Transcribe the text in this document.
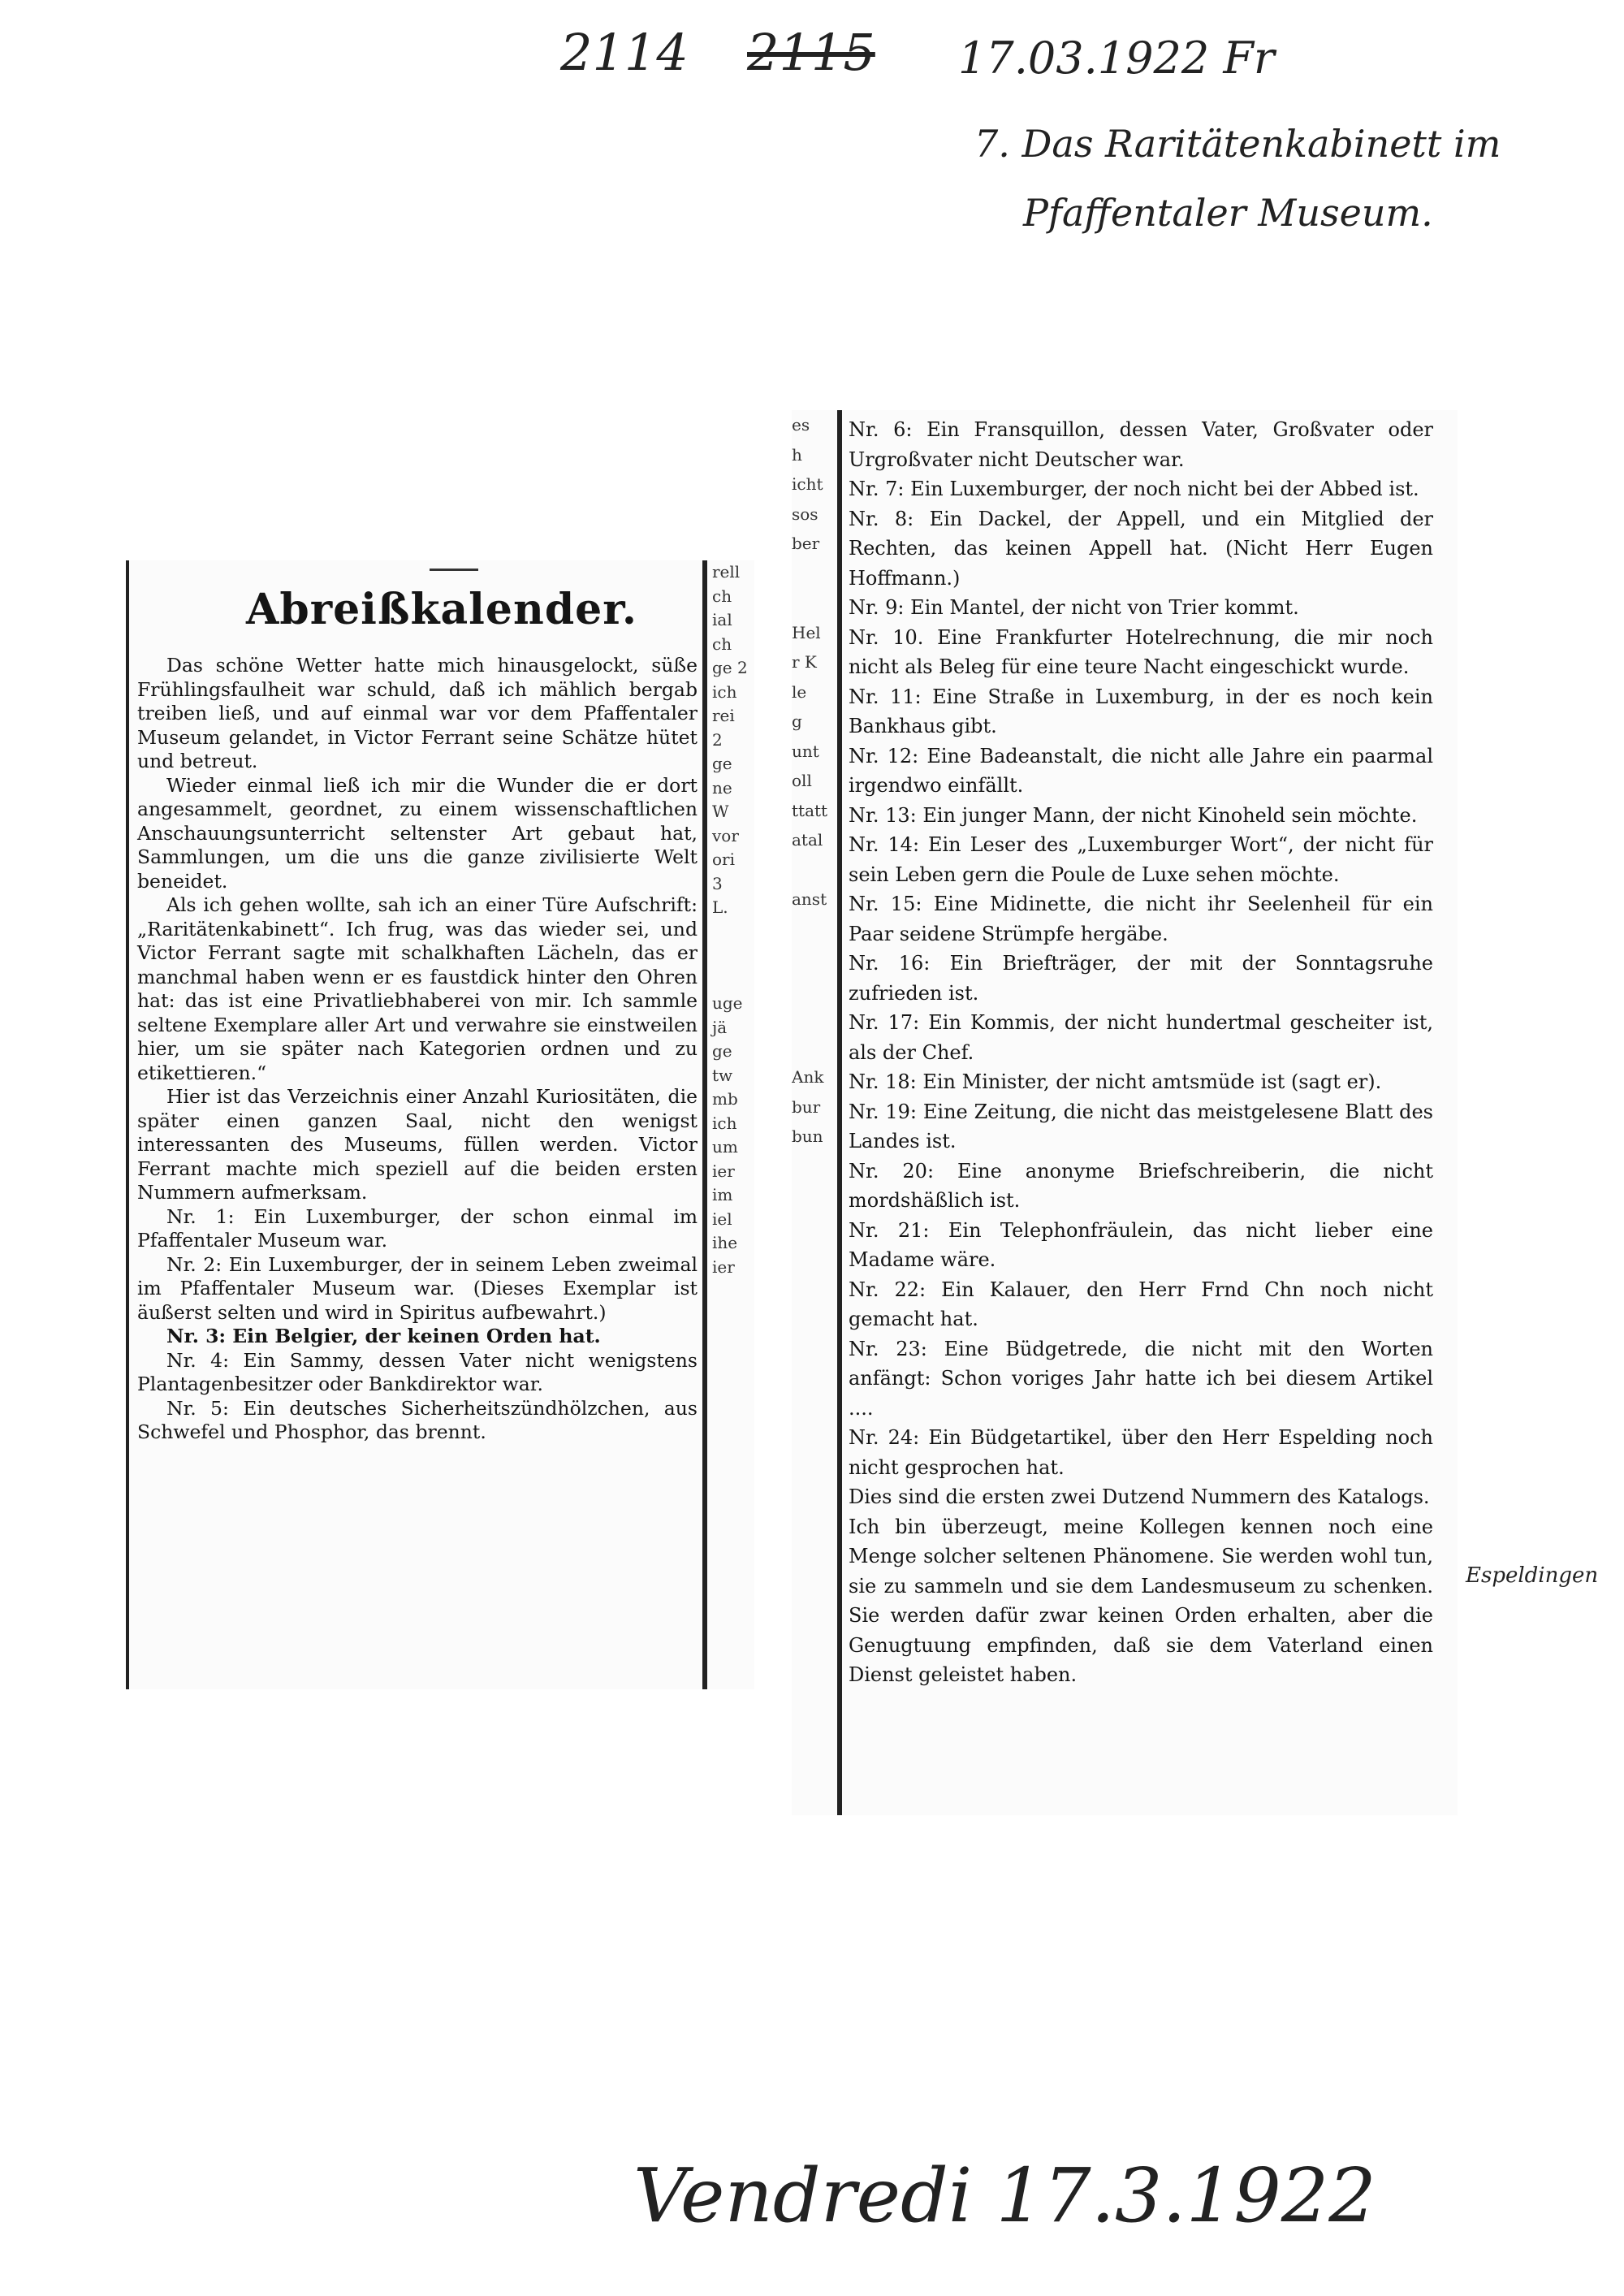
2114 2115 17.03.1922 Fr
7. Das Raritätenkabinett im
Pfaffentaler Museum.
Espeldingen
Vendredi 17.3.1922
Abreißkalender.

Das schöne Wetter hatte mich hinausgelockt, süße Frühlingsfaulheit war schuld, daß ich mählich bergab treiben ließ, und auf einmal war vor dem Pfaffentaler Museum gelandet, in Victor Ferrant seine Schätze hütet und betreut.

Wieder einmal ließ ich mir die Wunder die er dort angesammelt, geordnet, zu einem wissenschaftlichen Anschauungsunterricht seltenster Art gebaut hat, Sammlungen, um die uns die ganze zivilisierte Welt beneidet.

Als ich gehen wollte, sah ich an einer Türe Aufschrift: „Raritätenkabinett“. Ich frug, was das wieder sei, und Victor Ferrant sagte mit schalkhaften Lächeln, das er manchmal haben wenn er es faustdick hinter den Ohren hat: das ist eine Privatliebhaberei von mir. Ich sammle seltene Exemplare aller Art und verwahre sie einstweilen hier, um sie später nach Kategorien ordnen und zu etikettieren.“

Hier ist das Verzeichnis einer Anzahl Kuriositäten, die später einen ganzen Saal, nicht den wenigst interessanten des Museums, füllen werden. Victor Ferrant machte mich speziell auf die beiden ersten Nummern aufmerksam.

Nr. 1: Ein Luxemburger, der schon einmal im Pfaffentaler Museum war.

Nr. 2: Ein Luxemburger, der in seinem Leben zweimal im Pfaffentaler Museum war. (Dieses Exemplar ist äußerst selten und wird in Spiritus aufbewahrt.)

Nr. 3: Ein Belgier, der keinen Orden hat.

Nr. 4: Ein Sammy, dessen Vater nicht wenigstens Plantagenbesitzer oder Bankdirektor war.

Nr. 5: Ein deutsches Sicherheitszündhölzchen, aus Schwefel und Phosphor, das brennt.

rell
ch
ial
ch
ge 2
ich
rei
2
ge
ne
W
vor
ori
3
L.

uge
jä
ge
tw
mb
ich
um
ier
im
iel
ihe
ier
es
h
icht
sos
ber

Hel
r K
le
g
unt
oll
ttatt
atal

anst

Ank
bur
bun

Nr. 6: Ein Fransquillon, dessen Vater, Großvater oder Urgroßvater nicht Deutscher war.

Nr. 7: Ein Luxemburger, der noch nicht bei der Abbed ist.

Nr. 8: Ein Dackel, der Appell, und ein Mitglied der Rechten, das keinen Appell hat. (Nicht Herr Eugen Hoffmann.)

Nr. 9: Ein Mantel, der nicht von Trier kommt.

Nr. 10. Eine Frankfurter Hotelrechnung, die mir noch nicht als Beleg für eine teure Nacht eingeschickt wurde.

Nr. 11: Eine Straße in Luxemburg, in der es noch kein Bankhaus gibt.

Nr. 12: Eine Badeanstalt, die nicht alle Jahre ein paarmal irgendwo einfällt.

Nr. 13: Ein junger Mann, der nicht Kinoheld sein möchte.

Nr. 14: Ein Leser des „Luxemburger Wort“, der nicht für sein Leben gern die Poule de Luxe sehen möchte.

Nr. 15: Eine Midinette, die nicht ihr Seelenheil für ein Paar seidene Strümpfe hergäbe.

Nr. 16: Ein Briefträger, der mit der Sonntagsruhe zufrieden ist.

Nr. 17: Ein Kommis, der nicht hundertmal gescheiter ist, als der Chef.

Nr. 18: Ein Minister, der nicht amtsmüde ist (sagt er).

Nr. 19: Eine Zeitung, die nicht das meistgelesene Blatt des Landes ist.

Nr. 20: Eine anonyme Briefschreiberin, die nicht mordshäßlich ist.

Nr. 21: Ein Telephonfräulein, das nicht lieber eine Madame wäre.

Nr. 22: Ein Kalauer, den Herr Frnd Chn noch nicht gemacht hat.

Nr. 23: Eine Büdgetrede, die nicht mit den Worten anfängt: Schon voriges Jahr hatte ich bei diesem Artikel ....

Nr. 24: Ein Büdgetartikel, über den Herr Espelding noch nicht gesprochen hat.

Dies sind die ersten zwei Dutzend Nummern des Katalogs.

Ich bin überzeugt, meine Kollegen kennen noch eine Menge solcher seltenen Phänomene. Sie werden wohl tun, sie zu sammeln und sie dem Landesmuseum zu schenken. Sie werden dafür zwar keinen Orden erhalten, aber die Genugtuung empfinden, daß sie dem Vaterland einen Dienst geleistet haben.
